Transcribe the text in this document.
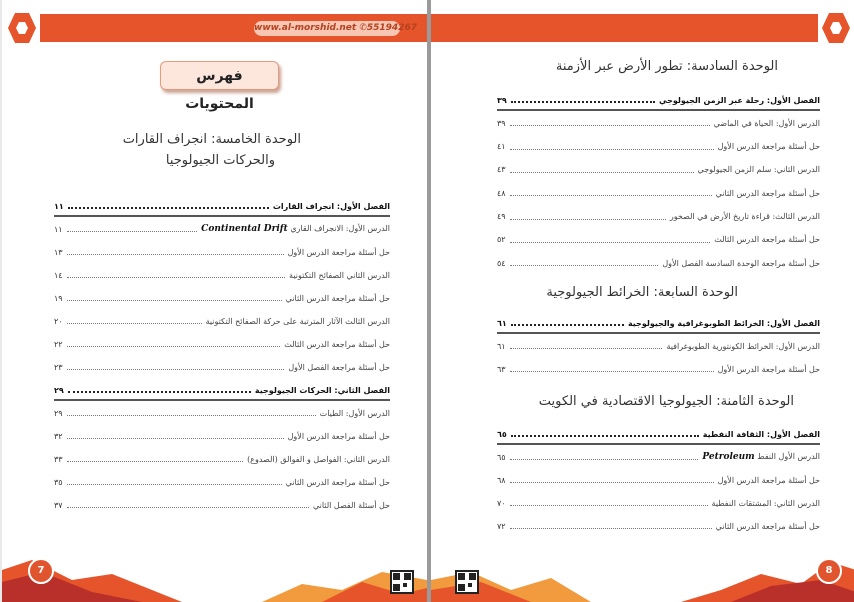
www.al-morshid.net ✆55194267
فهرس المحتويات
الوحدة الخامسة: انجراف القارات
والحركات الجيولوجيا
الفصل الأول: انجراف القارات
١١
الدرس الأول: الانجراف القاري Continental Drift
١١
حل أسئلة مراجعة الدرس الأول
١٣
الدرس الثاني الصفائح التكتونية
١٤
حل أسئلة مراجعة الدرس الثاني
١٩
الدرس الثالث الآثار المترتبة على حركة الصفائح التكتونية
٢٠
حل أسئلة مراجعة الدرس الثالث
٢٢
حل أسئلة مراجعة الفصل الأول
٢٣
الفصل الثاني: الحركات الجيولوجية
٢٩
الدرس الأول: الطيات
٢٩
حل أسئلة مراجعة الدرس الأول
٣٢
الدرس الثاني: الفواصل و الفوالق (الصدوع)
٣٣
حل أسئلة مراجعة الدرس الثاني
٣٥
حل أسئلة الفصل الثاني
٣٧
7
الوحدة السادسة: تطور الأرض عبر الأزمنة
الفصل الأول: رحلة عبر الزمن الجيولوجي
٣٩
الدرس الأول: الحياة في الماضي
٣٩
حل أسئلة مراجعة الدرس الأول
٤١
الدرس الثاني: سلم الزمن الجيولوجي
٤٣
حل أسئلة مراجعة الدرس الثاني
٤٨
الدرس الثالث: قراءة تاريخ الأرض في الصخور
٤٩
حل أسئلة مراجعة الدرس الثالث
٥٢
حل أسئلة مراجعة الوحدة السادسة الفصل الأول
٥٤
الوحدة السابعة: الخرائط الجيولوجية
الفصل الأول: الخرائط الطوبوغرافية والجيولوجية
٦١
الدرس الأول: الخرائط الكونتورية الطوبوغرافية
٦١
حل أسئلة مراجعة الدرس الأول
٦٣
الوحدة الثامنة: الجيولوجيا الاقتصادية في الكويت
الفصل الأول: الثقافة النفطية
٦٥
الدرس الأول النفط Petroleum
٦٥
حل أسئلة مراجعة الدرس الأول
٦٨
الدرس الثاني: المشتقات النفطية
٧٠
حل أسئلة مراجعة الدرس الثاني
٧٢
8
